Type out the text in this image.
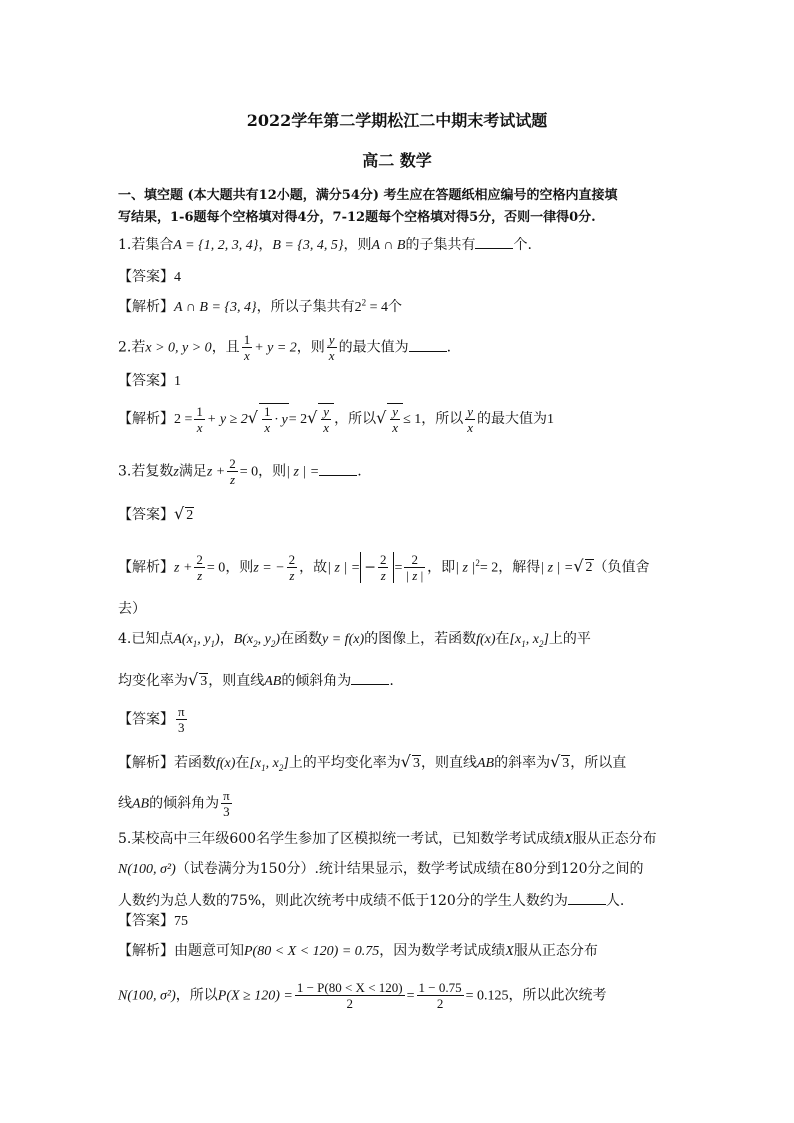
2022学年第二学期松江二中期末考试试题
高二 数学
一、填空题 (本大题共有12小题，满分54分) 考生应在答题纸相应编号的空格内直接填
写结果，1-6题每个空格填对得4分，7-12题每个空格填对得5分，否则一律得0分.
1.若集合A = {1, 2, 3, 4}，B = {3, 4, 5}，则A ∩ B的子集共有	个.
【答案】4
【解析】A ∩ B = {3, 4}，所以子集共有$2^2 = 4$个
2.若x > 0, y > 0，且 $\frac{1}{x} + y = 2$，则 $\frac{y}{x}$ 的最大值为	.
【答案】1
【解析】$2 = \frac{1}{x} + y \ge 2√ \frac{1}{x} \cdot y= 2√ \frac{y}{x}$ ，所以√ $\frac{y}{x} \le 1$，所以 $\frac{y}{x}$ 的最大值为1
3.若复数z满足$z + \frac{2}{z} = 0$，则| z | =	.
【答案】√ 2
【解析】$z + \frac{2}{z} = 0$，则z = − $\frac{2}{z}$ ，故| z | = − $\frac{2}{z} = \frac{2}{| z |}$ ，即| z $|^2= 2$，解得| z | =√ 2（负值舍
去）
4.已知点$A(x_1$, $y_1$)，$B(x_2$, $y_2$)在函数y = f(x)的图像上，若函数f(x)在[$x_1$, $x_2$]上的平
均变化率为√ 3，则直线AB的倾斜角为	.
【答案】 $\frac{\pi}{3}$
【解析】若函数f(x)在[$x_1$, $x_2$]上的平均变化率为√ 3，则直线AB的斜率为√ 3，所以直
线AB的倾斜角为 $\frac{\pi}{3}$
5.某校高中三年级600名学生参加了区模拟统一考试，已知数学考试成绩X服从正态分布
N(100, σ²)（试卷满分为150分）.统计结果显示，数学考试成绩在80分到120分之间的
人数约为总人数的75%，则此次统考中成绩不低于120分的学生人数约为	人.
【答案】75
【解析】由题意可知P(80 < X < 120) = 0.75，因为数学考试成绩X服从正态分布
N(100, σ²)，所以$P(X \ge 120) = \frac{1 - P(80 < X < 120)}{2} = \frac{1 - 0.75}{2} = 0.125$，所以此次统考
